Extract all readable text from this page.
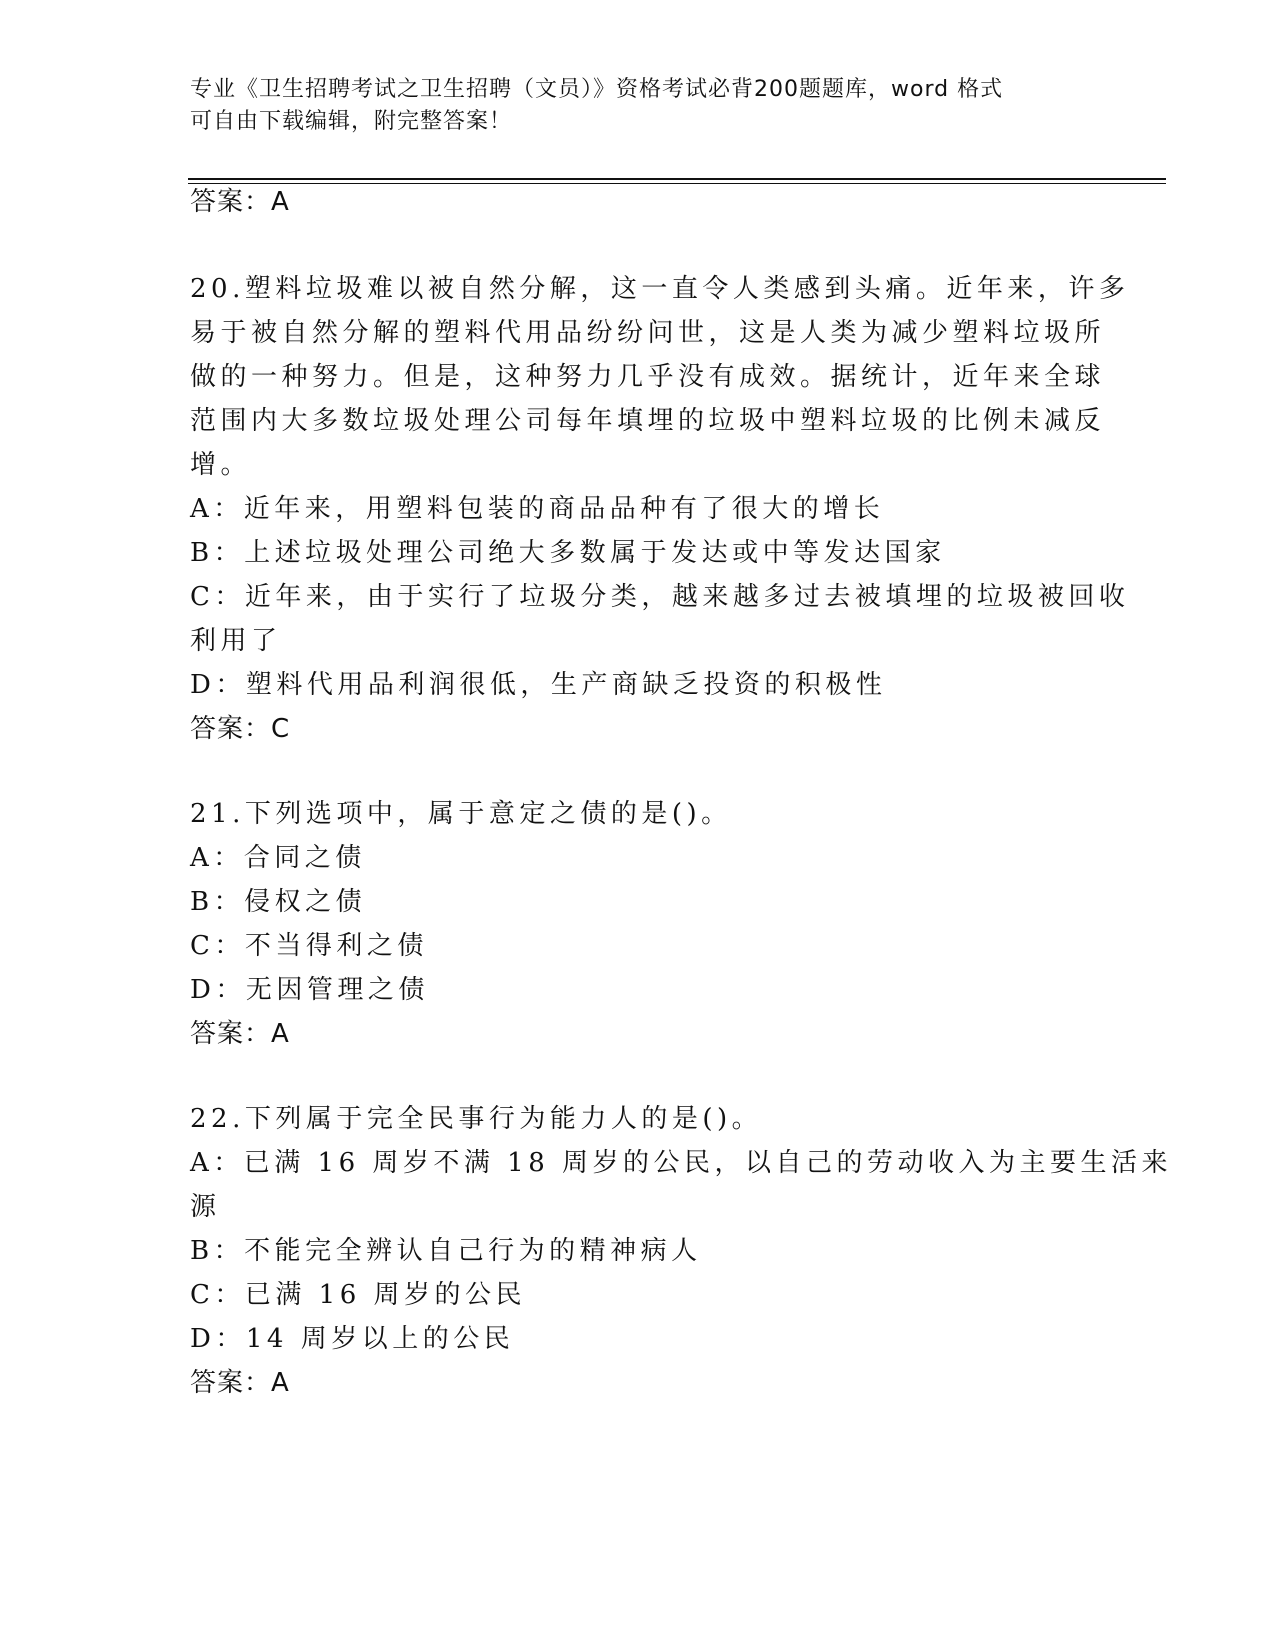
专业《卫生招聘考试之卫生招聘（文员）》资格考试必背200题题库，word 格式
可自由下载编辑，附完整答案！
答案：A
20.塑料垃圾难以被自然分解，这一直令人类感到头痛。近年来，许多
易于被自然分解的塑料代用品纷纷问世，这是人类为减少塑料垃圾所
做的一种努力。但是，这种努力几乎没有成效。据统计，近年来全球
范围内大多数垃圾处理公司每年填埋的垃圾中塑料垃圾的比例未减反
增。
A：近年来，用塑料包装的商品品种有了很大的增长
B：上述垃圾处理公司绝大多数属于发达或中等发达国家
C：近年来，由于实行了垃圾分类，越来越多过去被填埋的垃圾被回收
利用了
D：塑料代用品利润很低，生产商缺乏投资的积极性
答案：C
21.下列选项中，属于意定之债的是()。
A：合同之债
B：侵权之债
C：不当得利之债
D：无因管理之债
答案：A
22.下列属于完全民事行为能力人的是()。
A：已满 16 周岁不满 18 周岁的公民，以自己的劳动收入为主要生活来
源
B：不能完全辨认自己行为的精神病人
C：已满 16 周岁的公民
D：14 周岁以上的公民
答案：A
